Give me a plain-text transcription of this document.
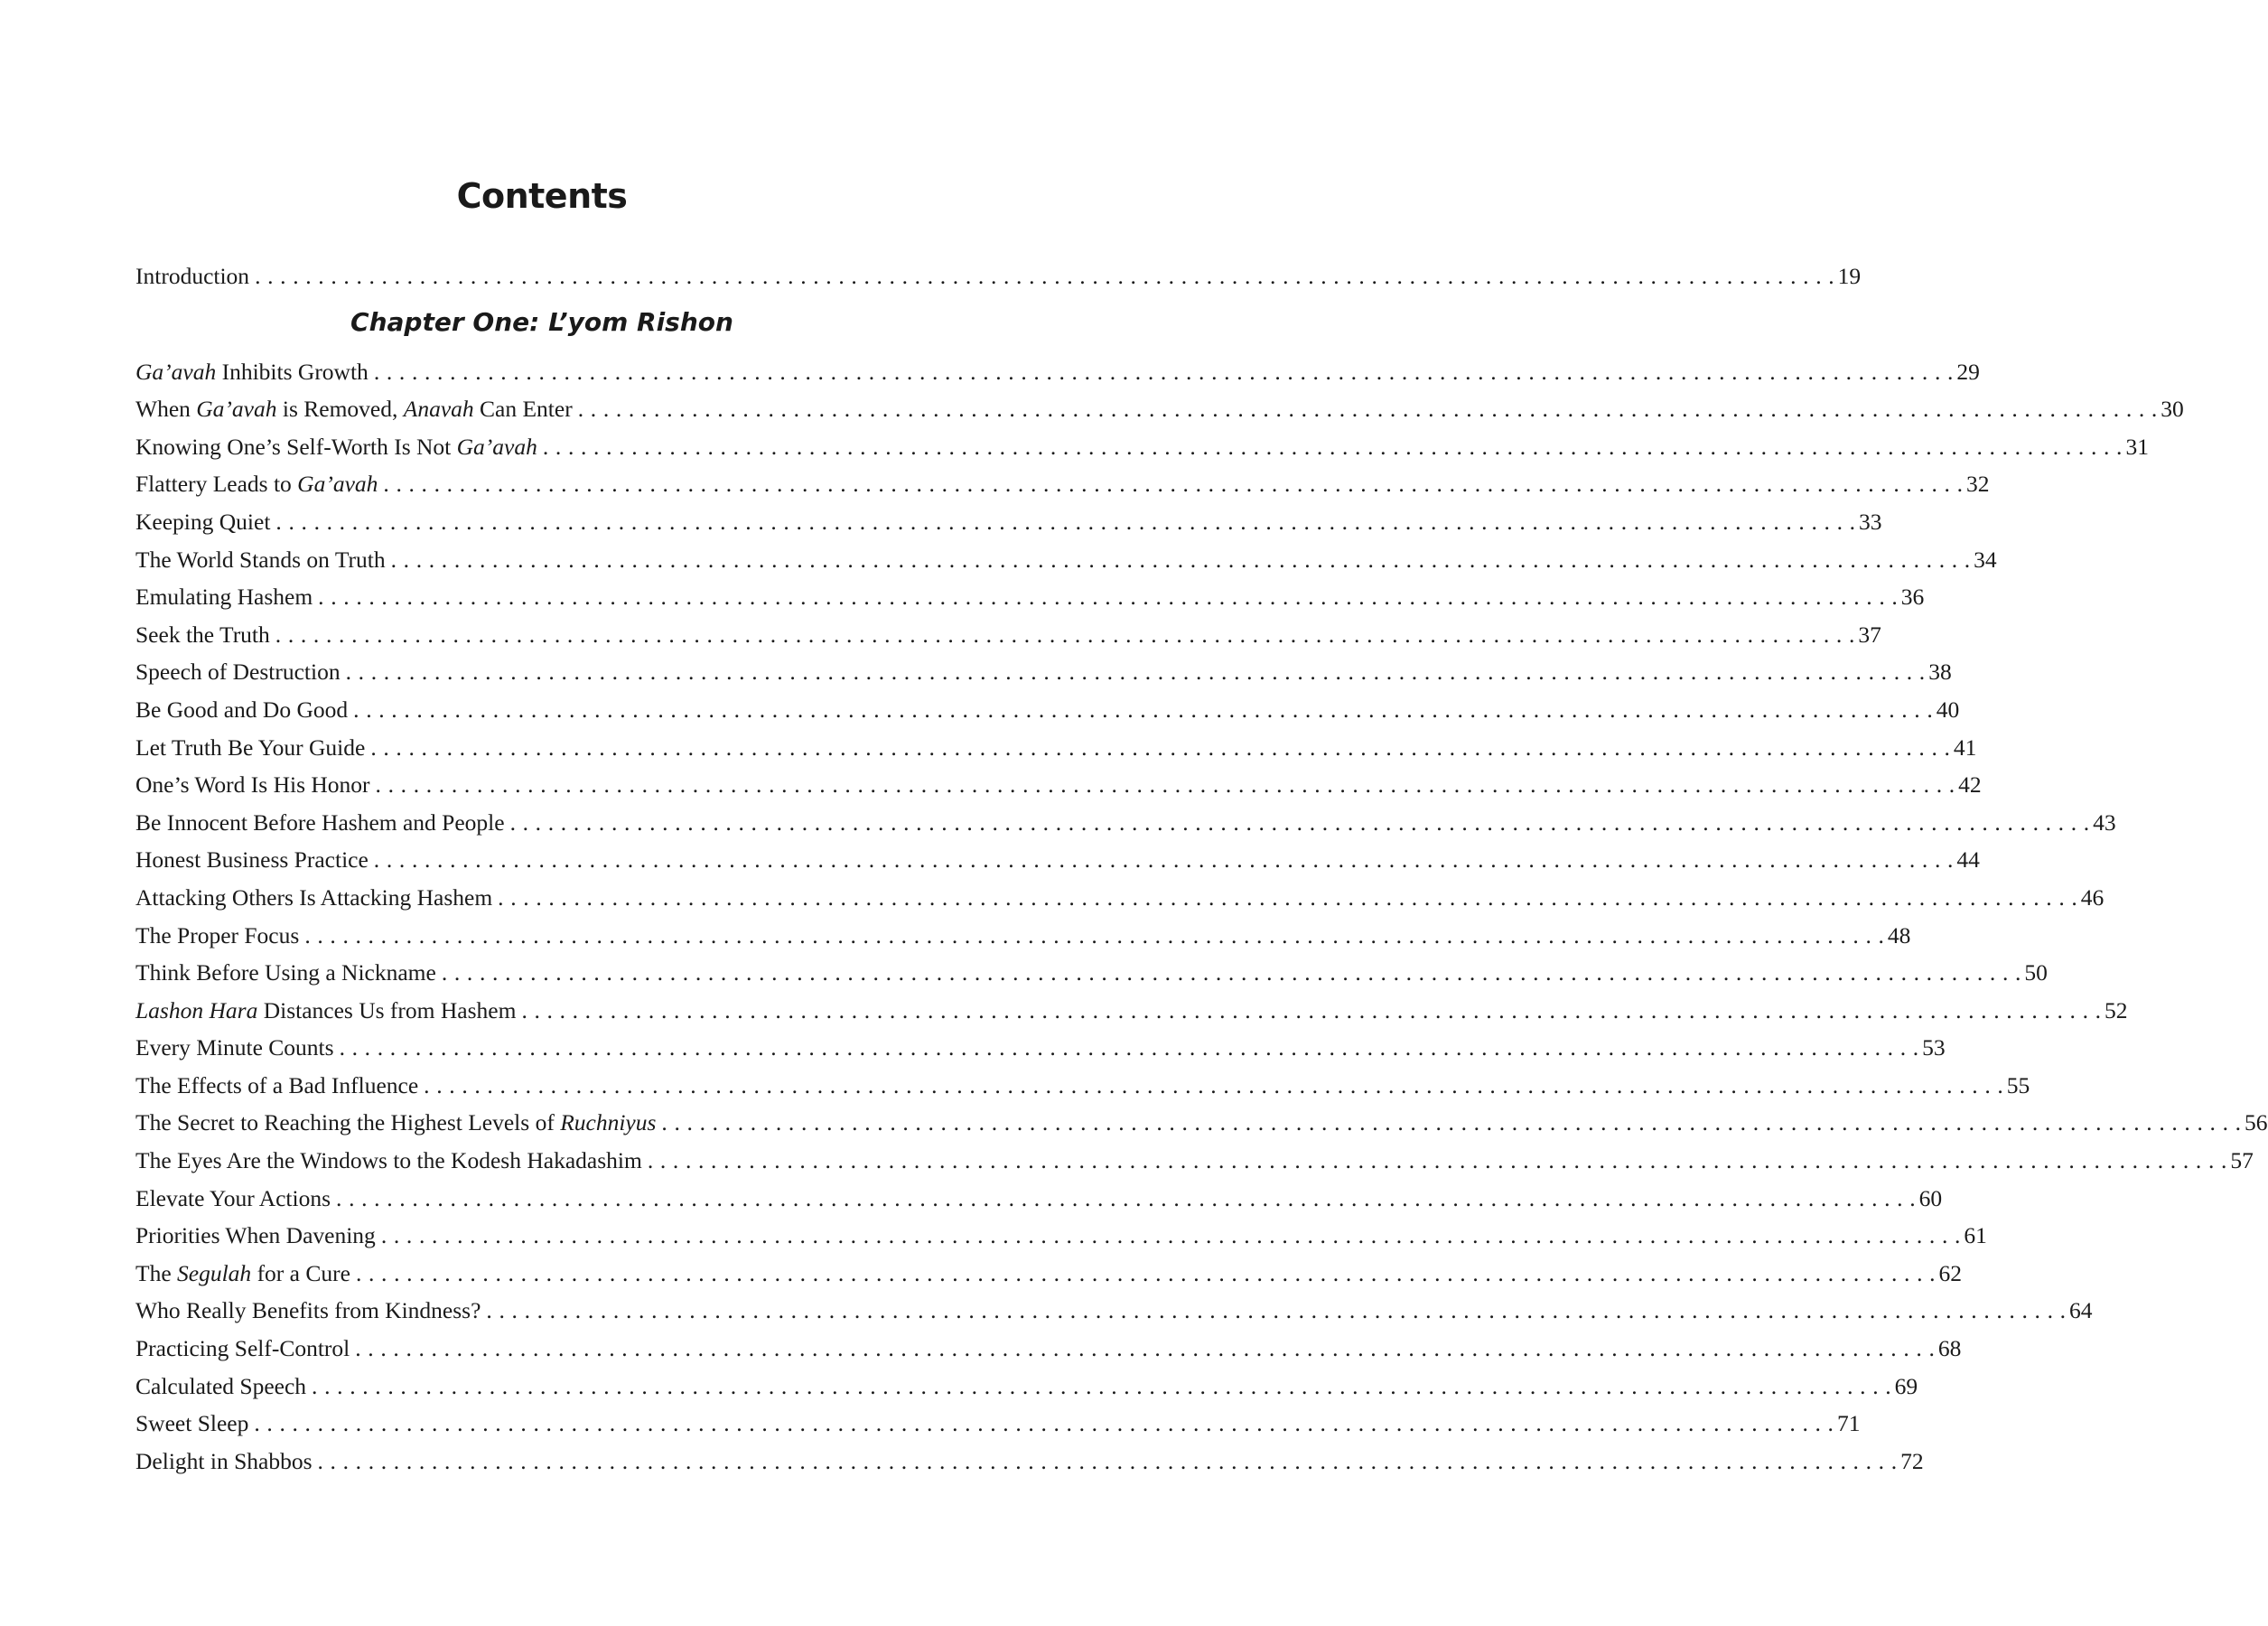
Contents
Introduction . . .	19
Chapter One: L’yom Rishon
Ga’avah Inhibits Growth . . .	29
When Ga’avah is Removed, Anavah Can Enter . . .	30
Knowing One’s Self-Worth Is Not Ga’avah . . .	31
Flattery Leads to Ga’avah . . .	32
Keeping Quiet . . .	33
The World Stands on Truth . . .	34
Emulating Hashem . . .	36
Seek the Truth . . .	37
Speech of Destruction . . .	38
Be Good and Do Good . . .	40
Let Truth Be Your Guide . . .	41
One’s Word Is His Honor . . .	42
Be Innocent Before Hashem and People . . .	43
Honest Business Practice . . .	44
Attacking Others Is Attacking Hashem . . .	46
The Proper Focus . . .	48
Think Before Using a Nickname . . .	50
Lashon Hara Distances Us from Hashem . . .	52
Every Minute Counts . . .	53
The Effects of a Bad Influence . . .	55
The Secret to Reaching the Highest Levels of Ruchniyus . . .	56
The Eyes Are the Windows to the Kodesh Hakadashim . . .	57
Elevate Your Actions . . .	60
Priorities When Davening . . .	61
The Segulah for a Cure . . .	62
Who Really Benefits from Kindness? . . .	64
Practicing Self-Control . . .	68
Calculated Speech . . .	69
Sweet Sleep . . .	71
Delight in Shabbos . . .	72
